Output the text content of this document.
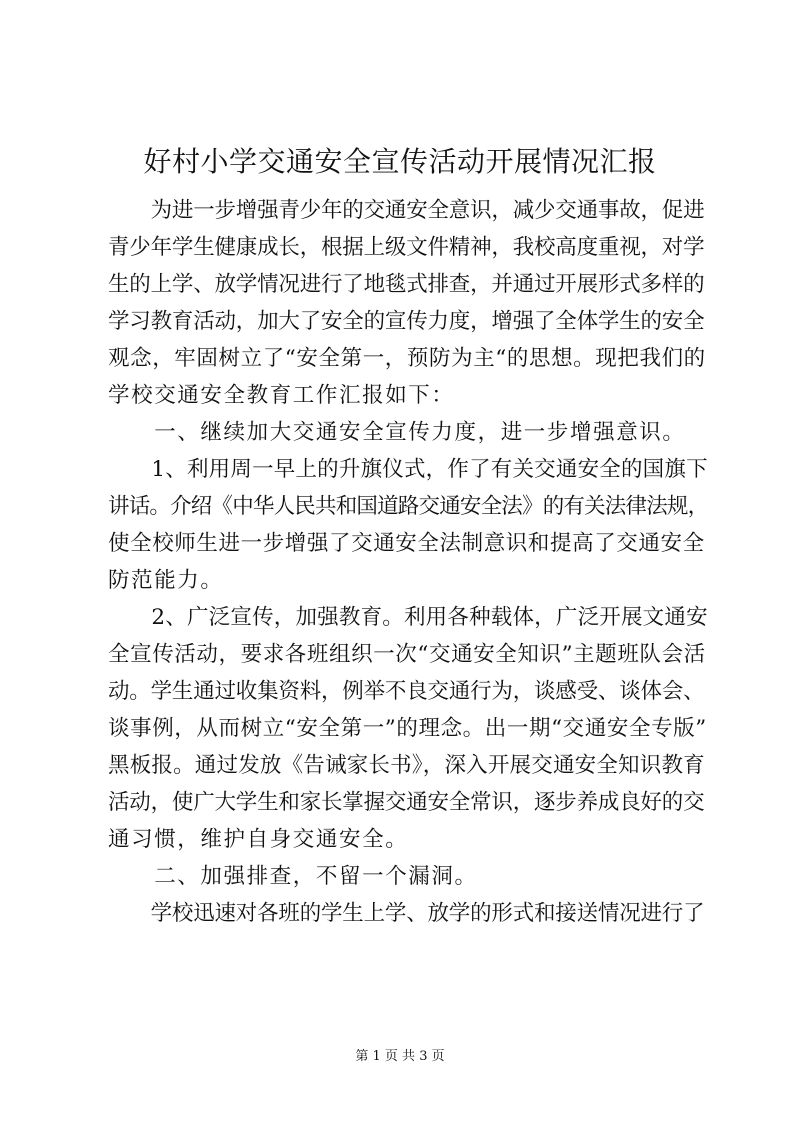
好村小学交通安全宣传活动开展情况汇报
　　为进一步增强青少年的交通安全意识，减少交通事故，促进
青少年学生健康成长，根据上级文件精神，我校高度重视，对学
生的上学、放学情况进行了地毯式排查，并通过开展形式多样的
学习教育活动，加大了安全的宣传力度，增强了全体学生的安全
观念，牢固树立了“安全第一，预防为主“的思想。现把我们的
学校交通安全教育工作汇报如下：
　　一、继续加大交通安全宣传力度，进一步增强意识。
　　1、利用周一早上的升旗仪式，作了有关交通安全的国旗下
讲话。介绍《中华人民共和国道路交通安全法》的有关法律法规，
使全校师生进一步增强了交通安全法制意识和提高了交通安全
防范能力。
　　2、广泛宣传，加强教育。利用各种载体，广泛开展文通安
全宣传活动，要求各班组织一次“交通安全知识”主题班队会活
动。学生通过收集资料，例举不良交通行为，谈感受、谈体会、
谈事例，从而树立“安全第一”的理念。出一期“交通安全专版”
黑板报。通过发放《告诫家长书》，深入开展交通安全知识教育
活动，使广大学生和家长掌握交通安全常识，逐步养成良好的交
通习惯，维护自身交通安全。
　　二、加强排查，不留一个漏洞。
　　学校迅速对各班的学生上学、放学的形式和接送情况进行了
第 1 页 共 3 页
